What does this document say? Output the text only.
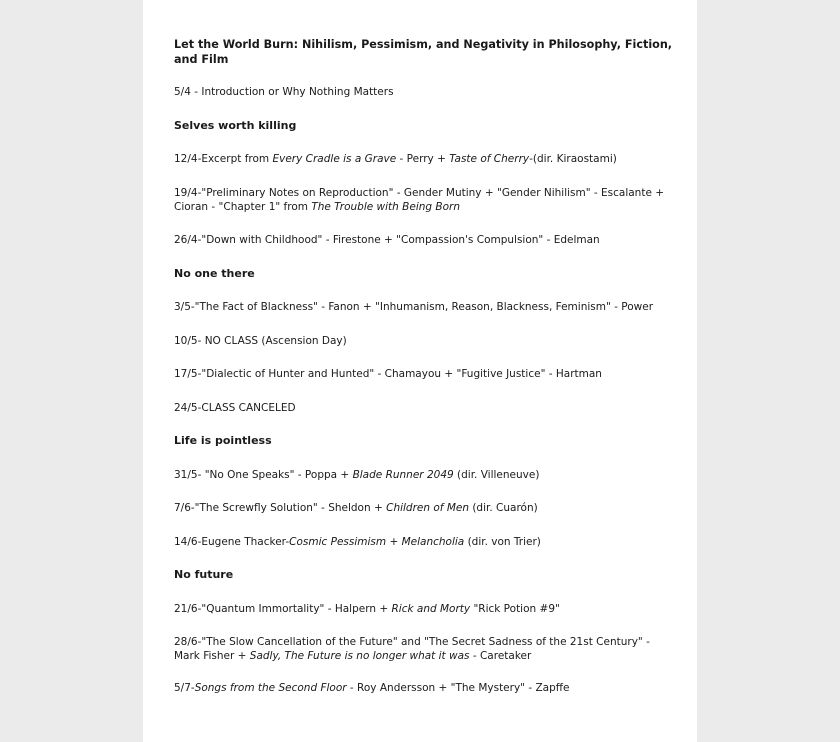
Let the World Burn: Nihilism, Pessimism, and Negativity in Philosophy, Fiction, and Film
5/4 - Introduction or Why Nothing Matters
Selves worth killing
12/4-Excerpt from Every Cradle is a Grave - Perry + Taste of Cherry-(dir. Kiraostami)
19/4-"Preliminary Notes on Reproduction" - Gender Mutiny + "Gender Nihilism" - Escalante + Cioran - "Chapter 1" from The Trouble with Being Born
26/4-"Down with Childhood" - Firestone + "Compassion's Compulsion" - Edelman
No one there
3/5-"The Fact of Blackness" - Fanon + "Inhumanism, Reason, Blackness, Feminism" - Power
10/5- NO CLASS (Ascension Day)
17/5-"Dialectic of Hunter and Hunted" - Chamayou + "Fugitive Justice" - Hartman
24/5-CLASS CANCELED
Life is pointless
31/5- "No One Speaks" - Poppa + Blade Runner 2049 (dir. Villeneuve)
7/6-"The Screwfly Solution" - Sheldon + Children of Men (dir. Cuarón)
14/6-Eugene Thacker-Cosmic Pessimism + Melancholia (dir. von Trier)
No future
21/6-"Quantum Immortality" - Halpern + Rick and Morty "Rick Potion #9"
28/6-"The Slow Cancellation of the Future" and "The Secret Sadness of the 21st Century" - Mark Fisher + Sadly, The Future is no longer what it was - Caretaker
5/7-Songs from the Second Floor - Roy Andersson + "The Mystery" - Zapffe
